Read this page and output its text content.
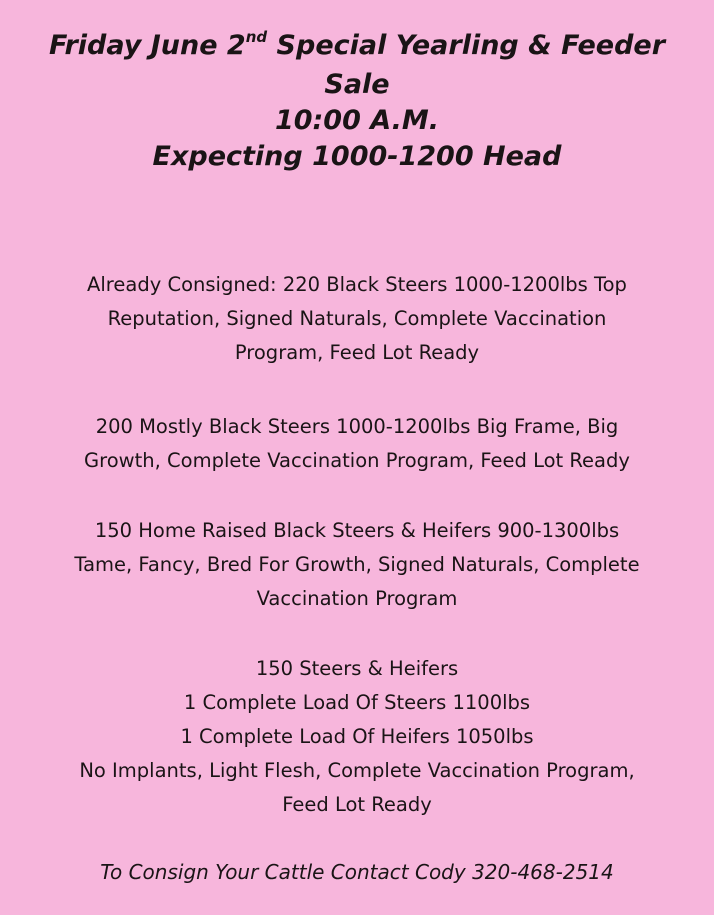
Friday June 2nd Special Yearling & Feeder
Sale
10:00 A.M.
Expecting 1000-1200 Head
Already Consigned: 220 Black Steers 1000-1200lbs Top
Reputation, Signed Naturals, Complete Vaccination
Program, Feed Lot Ready
200 Mostly Black Steers 1000-1200lbs Big Frame, Big
Growth, Complete Vaccination Program, Feed Lot Ready
150 Home Raised Black Steers & Heifers 900-1300lbs
Tame, Fancy, Bred For Growth, Signed Naturals, Complete
Vaccination Program
150 Steers & Heifers
1 Complete Load Of Steers 1100lbs
1 Complete Load Of Heifers 1050lbs
No Implants, Light Flesh, Complete Vaccination Program,
Feed Lot Ready
To Consign Your Cattle Contact Cody 320-468-2514
